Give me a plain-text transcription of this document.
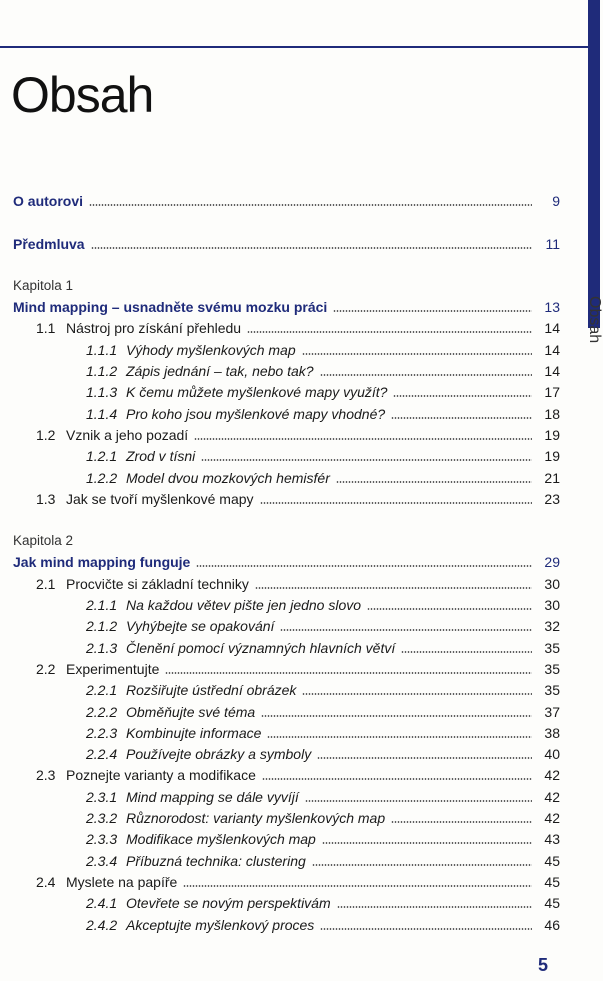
Obsah
Obsah
O autorovi	9
Předmluva	11
Kapitola 1
Mind mapping – usnadněte svému mozku práci	13
1.1 Nástroj pro získání přehledu	14
1.1.1 Výhody myšlenkových map	14
1.1.2 Zápis jednání – tak, nebo tak?	14
1.1.3 K čemu můžete myšlenkové mapy využít?	17
1.1.4 Pro koho jsou myšlenkové mapy vhodné?	18
1.2 Vznik a jeho pozadí	19
1.2.1 Zrod v tísni	19
1.2.2 Model dvou mozkových hemisfér	21
1.3 Jak se tvoří myšlenkové mapy	23
Kapitola 2
Jak mind mapping funguje	29
2.1 Procvičte si základní techniky	30
2.1.1 Na každou větev pište jen jedno slovo	30
2.1.2 Vyhýbejte se opakování	32
2.1.3 Členění pomocí významných hlavních větví	35
2.2 Experimentujte	35
2.2.1 Rozšiřujte ústřední obrázek	35
2.2.2 Obměňujte své téma	37
2.2.3 Kombinujte informace	38
2.2.4 Používejte obrázky a symboly	40
2.3 Poznejte varianty a modifikace	42
2.3.1 Mind mapping se dále vyvíjí	42
2.3.2 Různorodost: varianty myšlenkových map	42
2.3.3 Modifikace myšlenkových map	43
2.3.4 Příbuzná technika: clustering	45
2.4 Myslete na papíře	45
2.4.1 Otevřete se novým perspektivám	45
2.4.2 Akceptujte myšlenkový proces	46
5
